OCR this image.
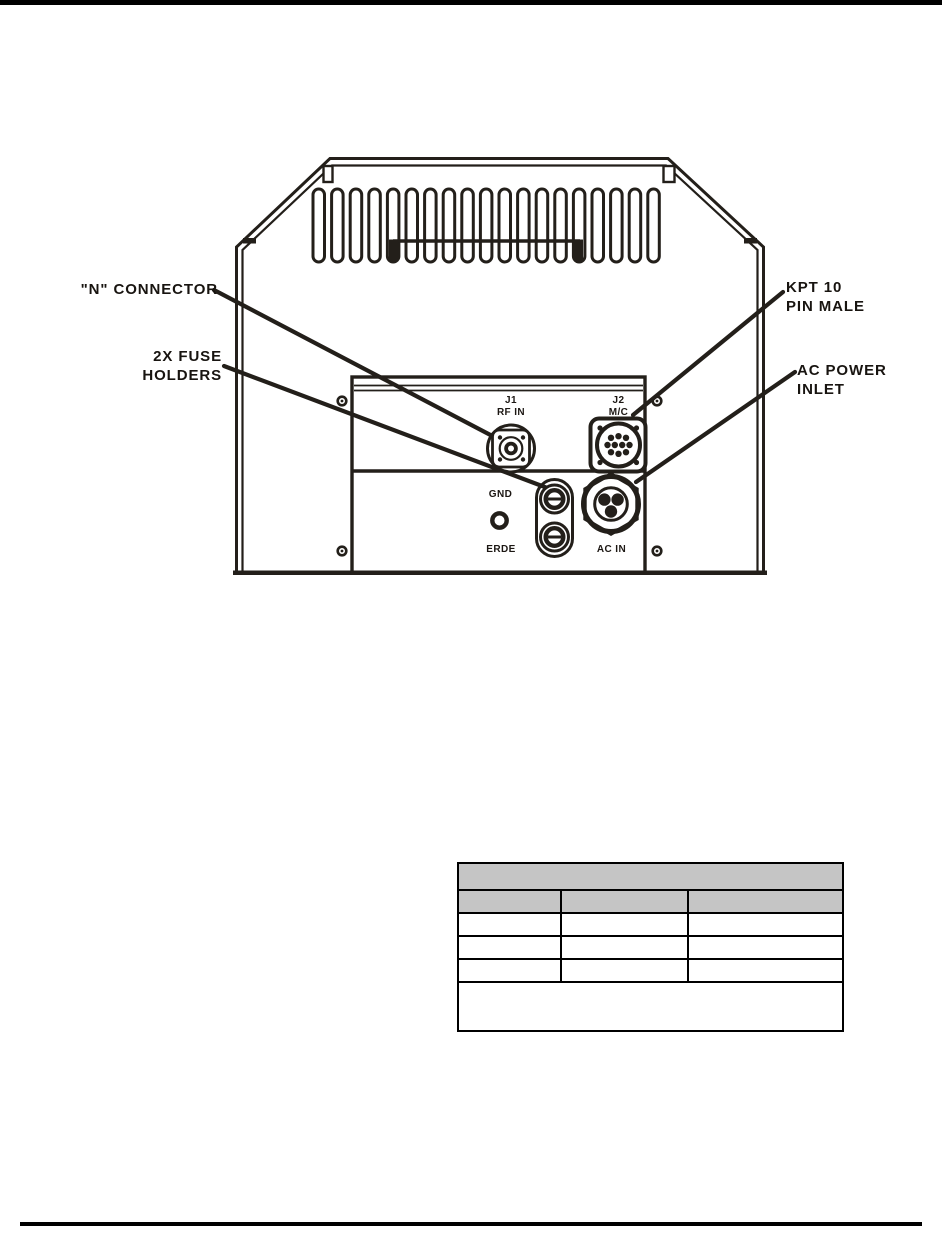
J1
RF IN
J2
M/C
GND
ERDE	AC IN
"N" CONNECTOR
2X FUSE
HOLDERS
KPT 10
PIN MALE
AC POWER
INLET
